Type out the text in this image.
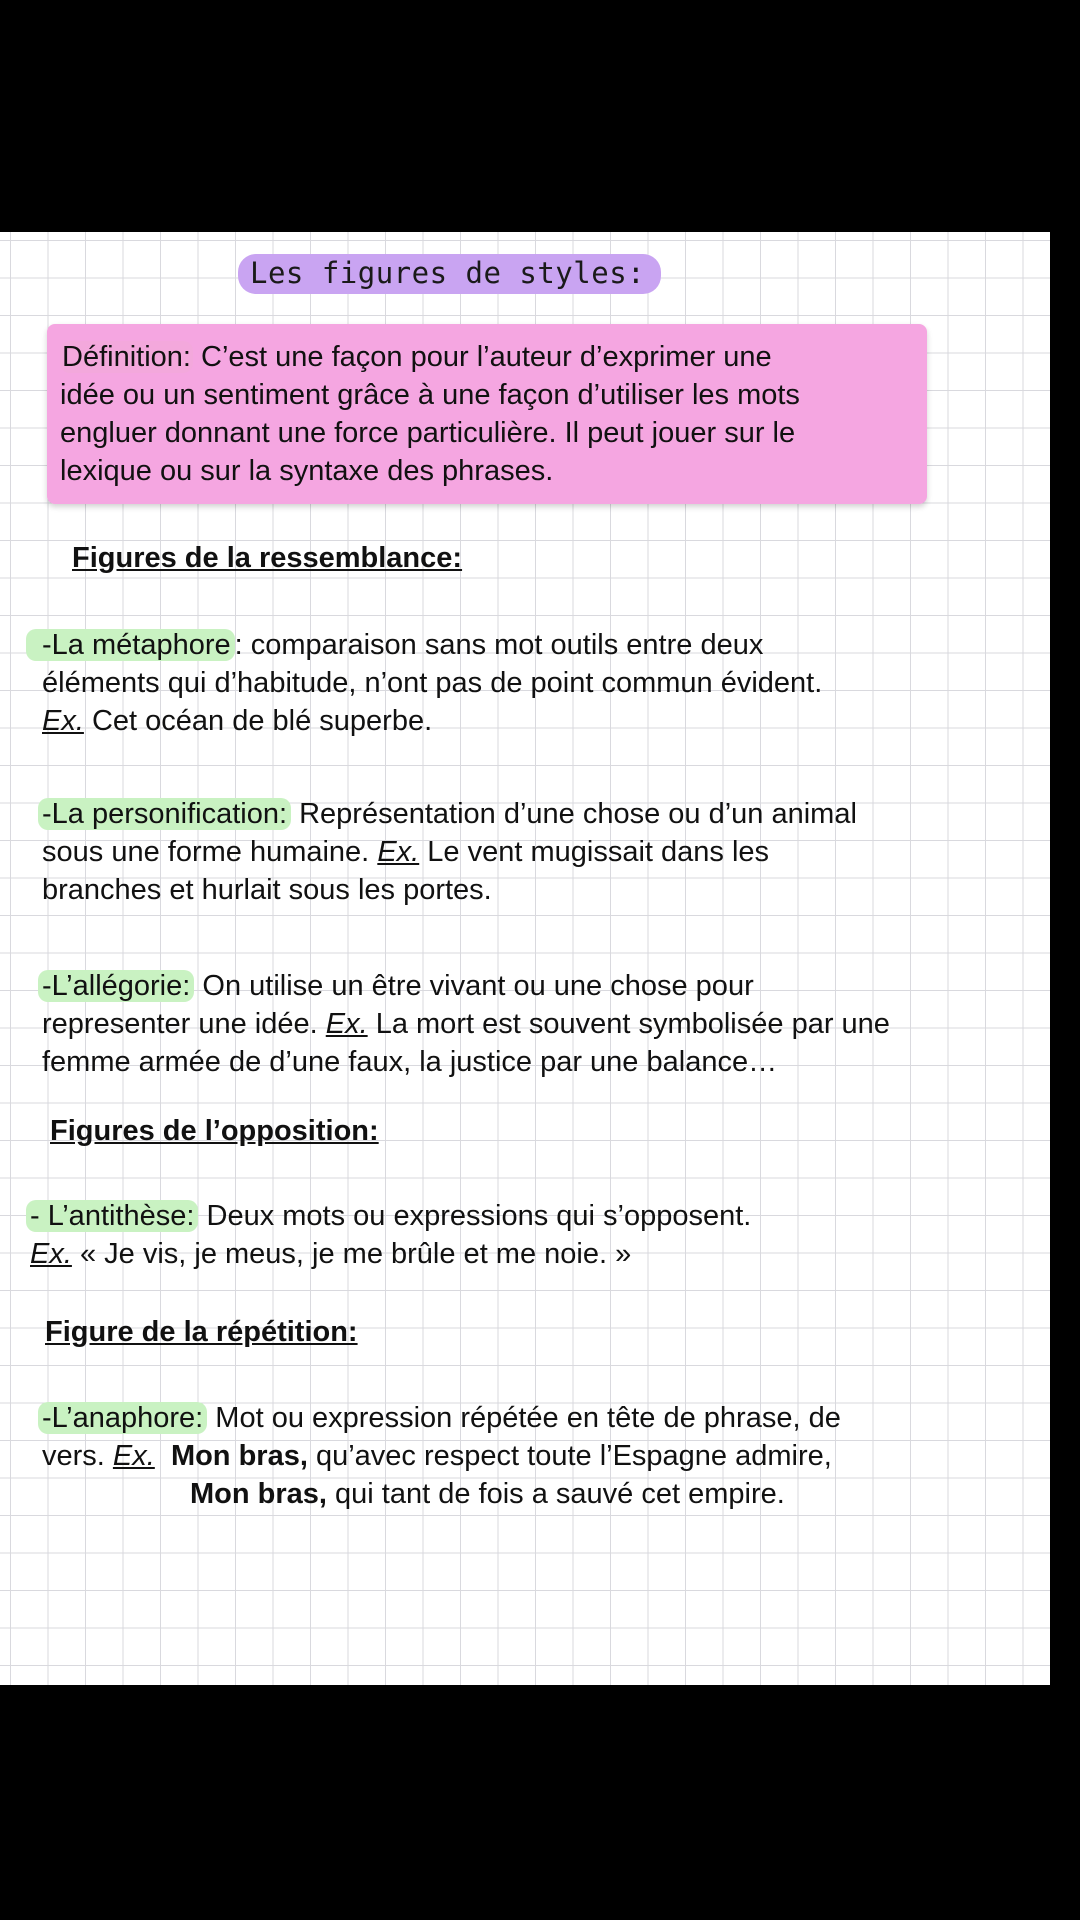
Les figures de styles:
Définition: C’est une façon pour l’auteur d’exprimer une
idée ou un sentiment grâce à une façon d’utiliser les mots
engluer donnant une force particulière. Il peut jouer sur le
lexique ou sur la syntaxe des phrases.
Figures de la ressemblance:
-La métaphore : comparaison sans mot outils entre deux
éléments qui d’habitude, n’ont pas de point commun évident.
Ex. Cet océan de blé superbe.
-La personification: Représentation d’une chose ou d’un animal
sous une forme humaine. Ex. Le vent mugissait dans les
branches et hurlait sous les portes.
-L’allégorie: On utilise un être vivant ou une chose pour
representer une idée. Ex. La mort est souvent symbolisée par une
femme armée de d’une faux, la justice par une balance…
Figures de l’opposition:
- L’antithèse: Deux mots ou expressions qui s’opposent.
Ex. « Je vis, je meus, je me brûle et me noie. »
Figure de la répétition:
-L’anaphore: Mot ou expression répétée en tête de phrase, de
vers. Ex. Mon bras, qu’avec respect toute l’Espagne admire,
Mon bras, qui tant de fois a sauvé cet empire.
